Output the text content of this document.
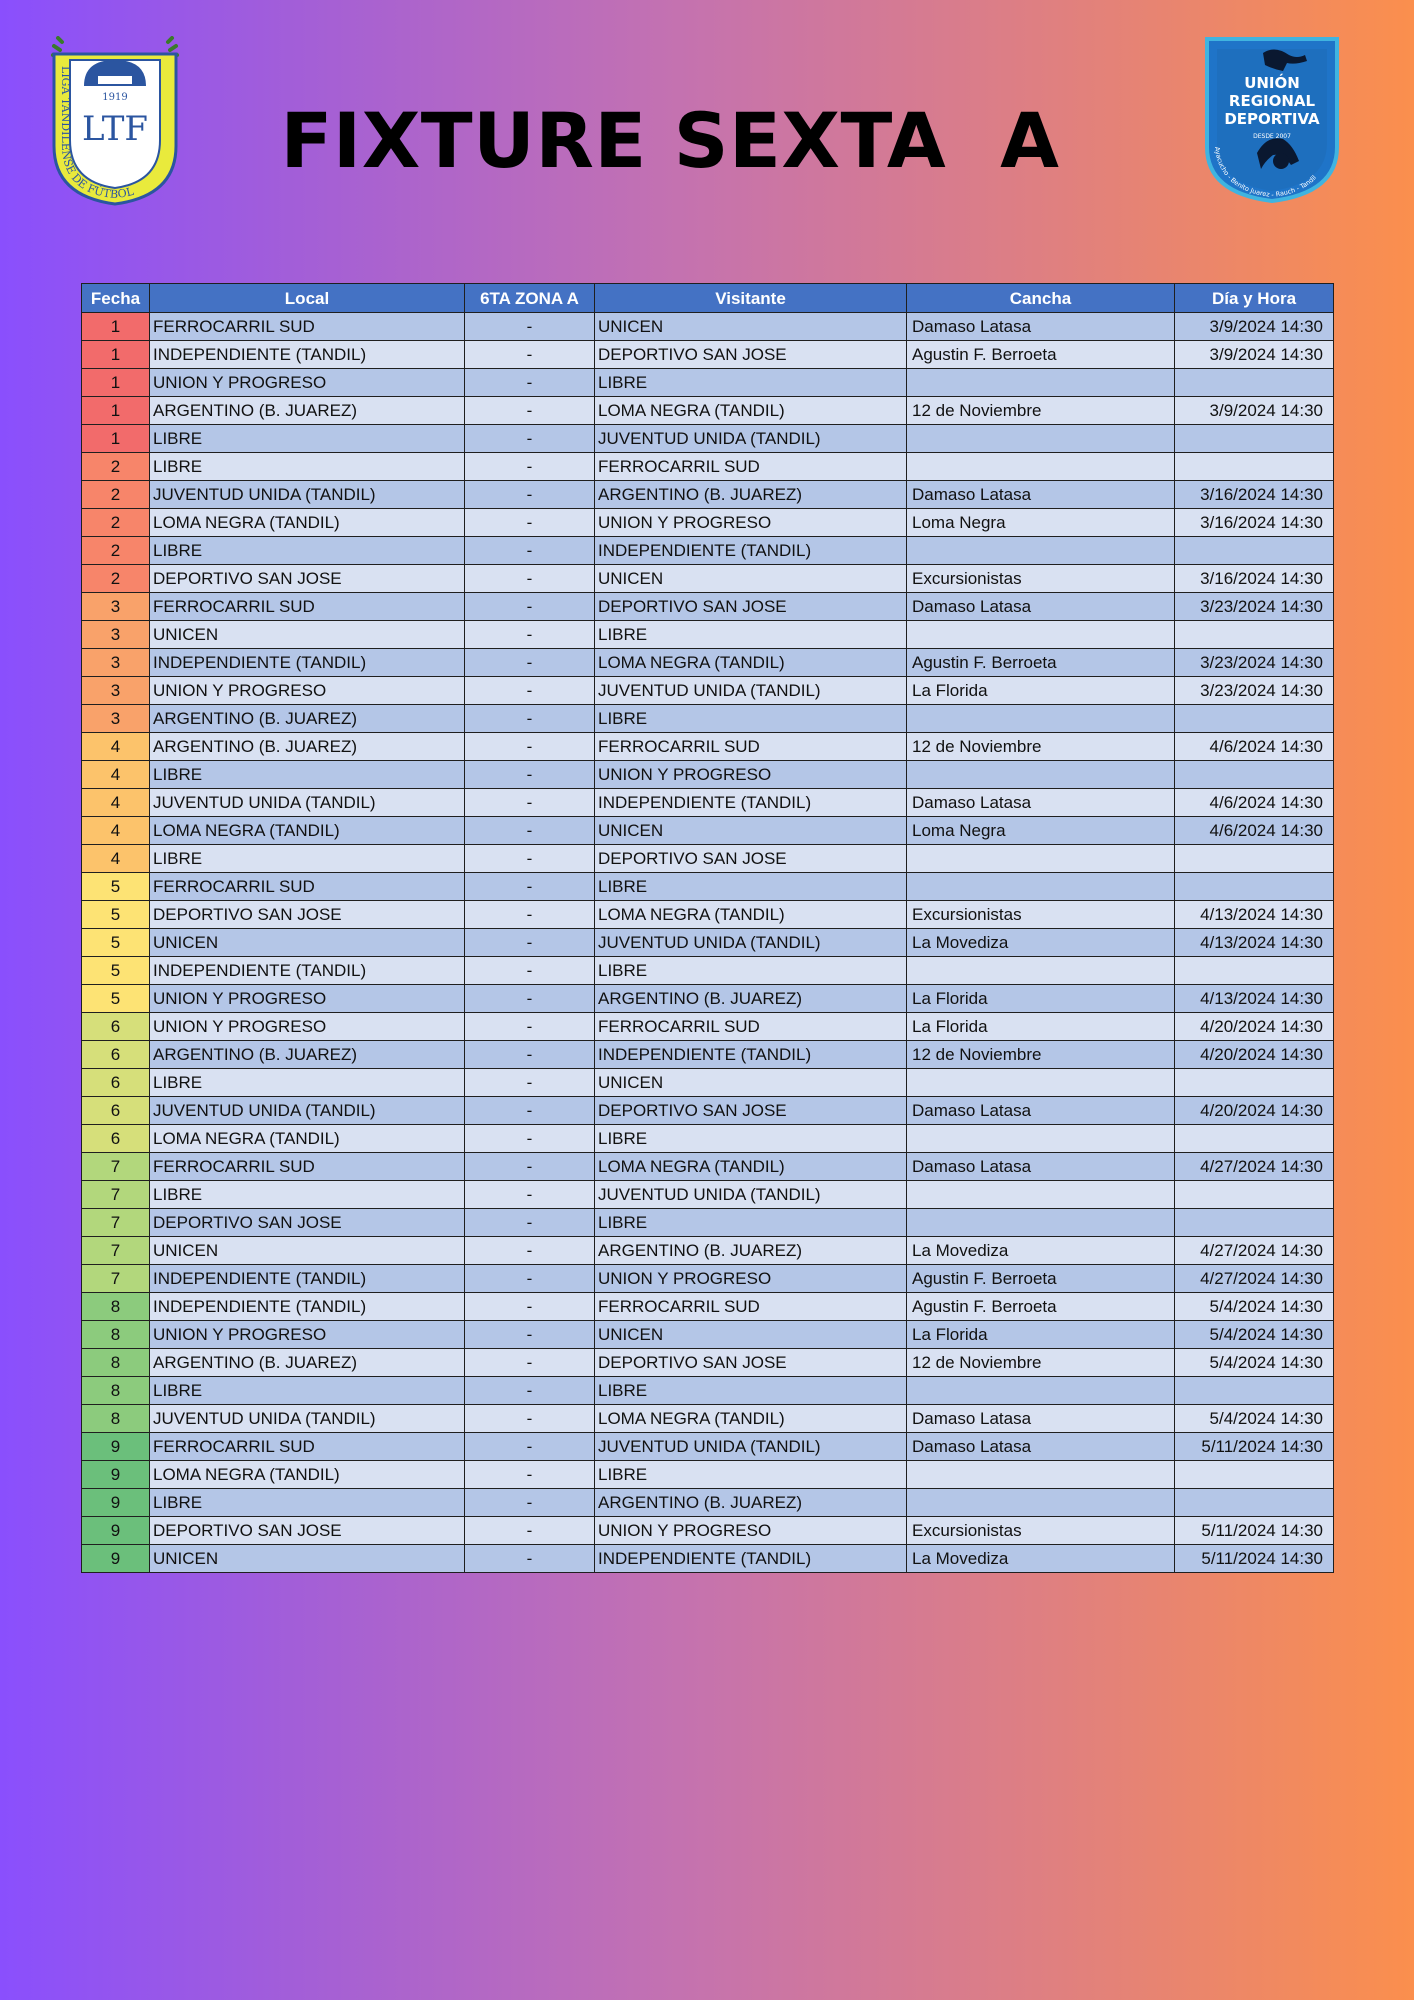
1919
LTF
LIGA TANDILENSE DE FÚTBOL
UNIÓN
REGIONAL
DEPORTIVA
DESDE 2007
Ayacucho - Benito Juarez - Rauch - Tandil
FIXTURE SEXTA  A
Fecha	Local	6TA ZONA A	Visitante	Cancha	Día y Hora
1	FERROCARRIL SUD	-	UNICEN	Damaso Latasa	3/9/2024 14:30
1	INDEPENDIENTE (TANDIL)	-	DEPORTIVO SAN JOSE	Agustin F. Berroeta	3/9/2024 14:30
1	UNION Y PROGRESO	-	LIBRE		
1	ARGENTINO (B. JUAREZ)	-	LOMA NEGRA (TANDIL)	12 de Noviembre	3/9/2024 14:30
1	LIBRE	-	JUVENTUD UNIDA (TANDIL)		
2	LIBRE	-	FERROCARRIL SUD		
2	JUVENTUD UNIDA (TANDIL)	-	ARGENTINO (B. JUAREZ)	Damaso Latasa	3/16/2024 14:30
2	LOMA NEGRA (TANDIL)	-	UNION Y PROGRESO	Loma Negra	3/16/2024 14:30
2	LIBRE	-	INDEPENDIENTE (TANDIL)		
2	DEPORTIVO SAN JOSE	-	UNICEN	Excursionistas	3/16/2024 14:30
3	FERROCARRIL SUD	-	DEPORTIVO SAN JOSE	Damaso Latasa	3/23/2024 14:30
3	UNICEN	-	LIBRE		
3	INDEPENDIENTE (TANDIL)	-	LOMA NEGRA (TANDIL)	Agustin F. Berroeta	3/23/2024 14:30
3	UNION Y PROGRESO	-	JUVENTUD UNIDA (TANDIL)	La Florida	3/23/2024 14:30
3	ARGENTINO (B. JUAREZ)	-	LIBRE		
4	ARGENTINO (B. JUAREZ)	-	FERROCARRIL SUD	12 de Noviembre	4/6/2024 14:30
4	LIBRE	-	UNION Y PROGRESO		
4	JUVENTUD UNIDA (TANDIL)	-	INDEPENDIENTE (TANDIL)	Damaso Latasa	4/6/2024 14:30
4	LOMA NEGRA (TANDIL)	-	UNICEN	Loma Negra	4/6/2024 14:30
4	LIBRE	-	DEPORTIVO SAN JOSE		
5	FERROCARRIL SUD	-	LIBRE		
5	DEPORTIVO SAN JOSE	-	LOMA NEGRA (TANDIL)	Excursionistas	4/13/2024 14:30
5	UNICEN	-	JUVENTUD UNIDA (TANDIL)	La Movediza	4/13/2024 14:30
5	INDEPENDIENTE (TANDIL)	-	LIBRE		
5	UNION Y PROGRESO	-	ARGENTINO (B. JUAREZ)	La Florida	4/13/2024 14:30
6	UNION Y PROGRESO	-	FERROCARRIL SUD	La Florida	4/20/2024 14:30
6	ARGENTINO (B. JUAREZ)	-	INDEPENDIENTE (TANDIL)	12 de Noviembre	4/20/2024 14:30
6	LIBRE	-	UNICEN		
6	JUVENTUD UNIDA (TANDIL)	-	DEPORTIVO SAN JOSE	Damaso Latasa	4/20/2024 14:30
6	LOMA NEGRA (TANDIL)	-	LIBRE		
7	FERROCARRIL SUD	-	LOMA NEGRA (TANDIL)	Damaso Latasa	4/27/2024 14:30
7	LIBRE	-	JUVENTUD UNIDA (TANDIL)		
7	DEPORTIVO SAN JOSE	-	LIBRE		
7	UNICEN	-	ARGENTINO (B. JUAREZ)	La Movediza	4/27/2024 14:30
7	INDEPENDIENTE (TANDIL)	-	UNION Y PROGRESO	Agustin F. Berroeta	4/27/2024 14:30
8	INDEPENDIENTE (TANDIL)	-	FERROCARRIL SUD	Agustin F. Berroeta	5/4/2024 14:30
8	UNION Y PROGRESO	-	UNICEN	La Florida	5/4/2024 14:30
8	ARGENTINO (B. JUAREZ)	-	DEPORTIVO SAN JOSE	12 de Noviembre	5/4/2024 14:30
8	LIBRE	-	LIBRE		
8	JUVENTUD UNIDA (TANDIL)	-	LOMA NEGRA (TANDIL)	Damaso Latasa	5/4/2024 14:30
9	FERROCARRIL SUD	-	JUVENTUD UNIDA (TANDIL)	Damaso Latasa	5/11/2024 14:30
9	LOMA NEGRA (TANDIL)	-	LIBRE		
9	LIBRE	-	ARGENTINO (B. JUAREZ)		
9	DEPORTIVO SAN JOSE	-	UNION Y PROGRESO	Excursionistas	5/11/2024 14:30
9	UNICEN	-	INDEPENDIENTE (TANDIL)	La Movediza	5/11/2024 14:30
